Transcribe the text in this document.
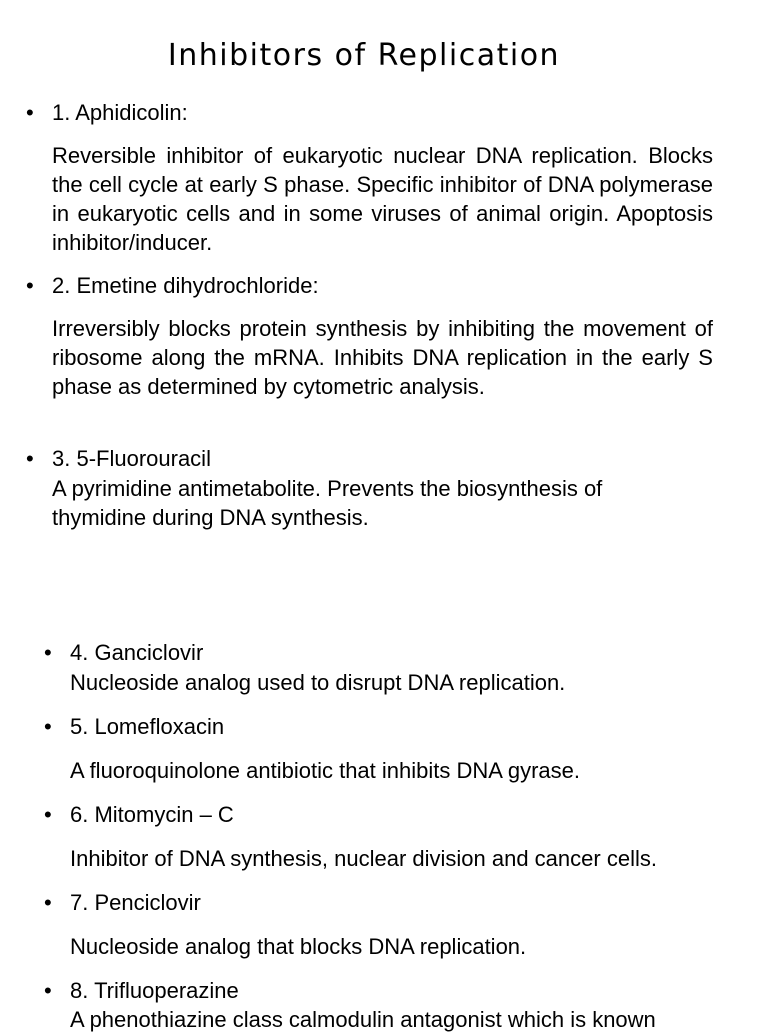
Inhibitors of Replication
• 1. Aphidicolin:
Reversible inhibitor of eukaryotic nuclear DNA replication. Blocks the cell cycle at early S phase. Specific inhibitor of DNA polymerase in eukaryotic cells and in some viruses of animal origin. Apoptosis inhibitor/inducer.
• 2. Emetine dihydrochloride:
Irreversibly blocks protein synthesis by inhibiting the movement of ribosome along the mRNA. Inhibits DNA replication in the early S phase as determined by cytometric analysis.
• 3. 5-Fluorouracil
A pyrimidine antimetabolite. Prevents the biosynthesis of
thymidine during DNA synthesis.
• 4. Ganciclovir
Nucleoside analog used to disrupt DNA replication.
• 5. Lomefloxacin
A fluoroquinolone antibiotic that inhibits DNA gyrase.
• 6. Mitomycin – C
Inhibitor of DNA synthesis, nuclear division and cancer cells.
• 7. Penciclovir
Nucleoside analog that blocks DNA replication.
• 8. Trifluoperazine
A phenothiazine class calmodulin antagonist which is known
